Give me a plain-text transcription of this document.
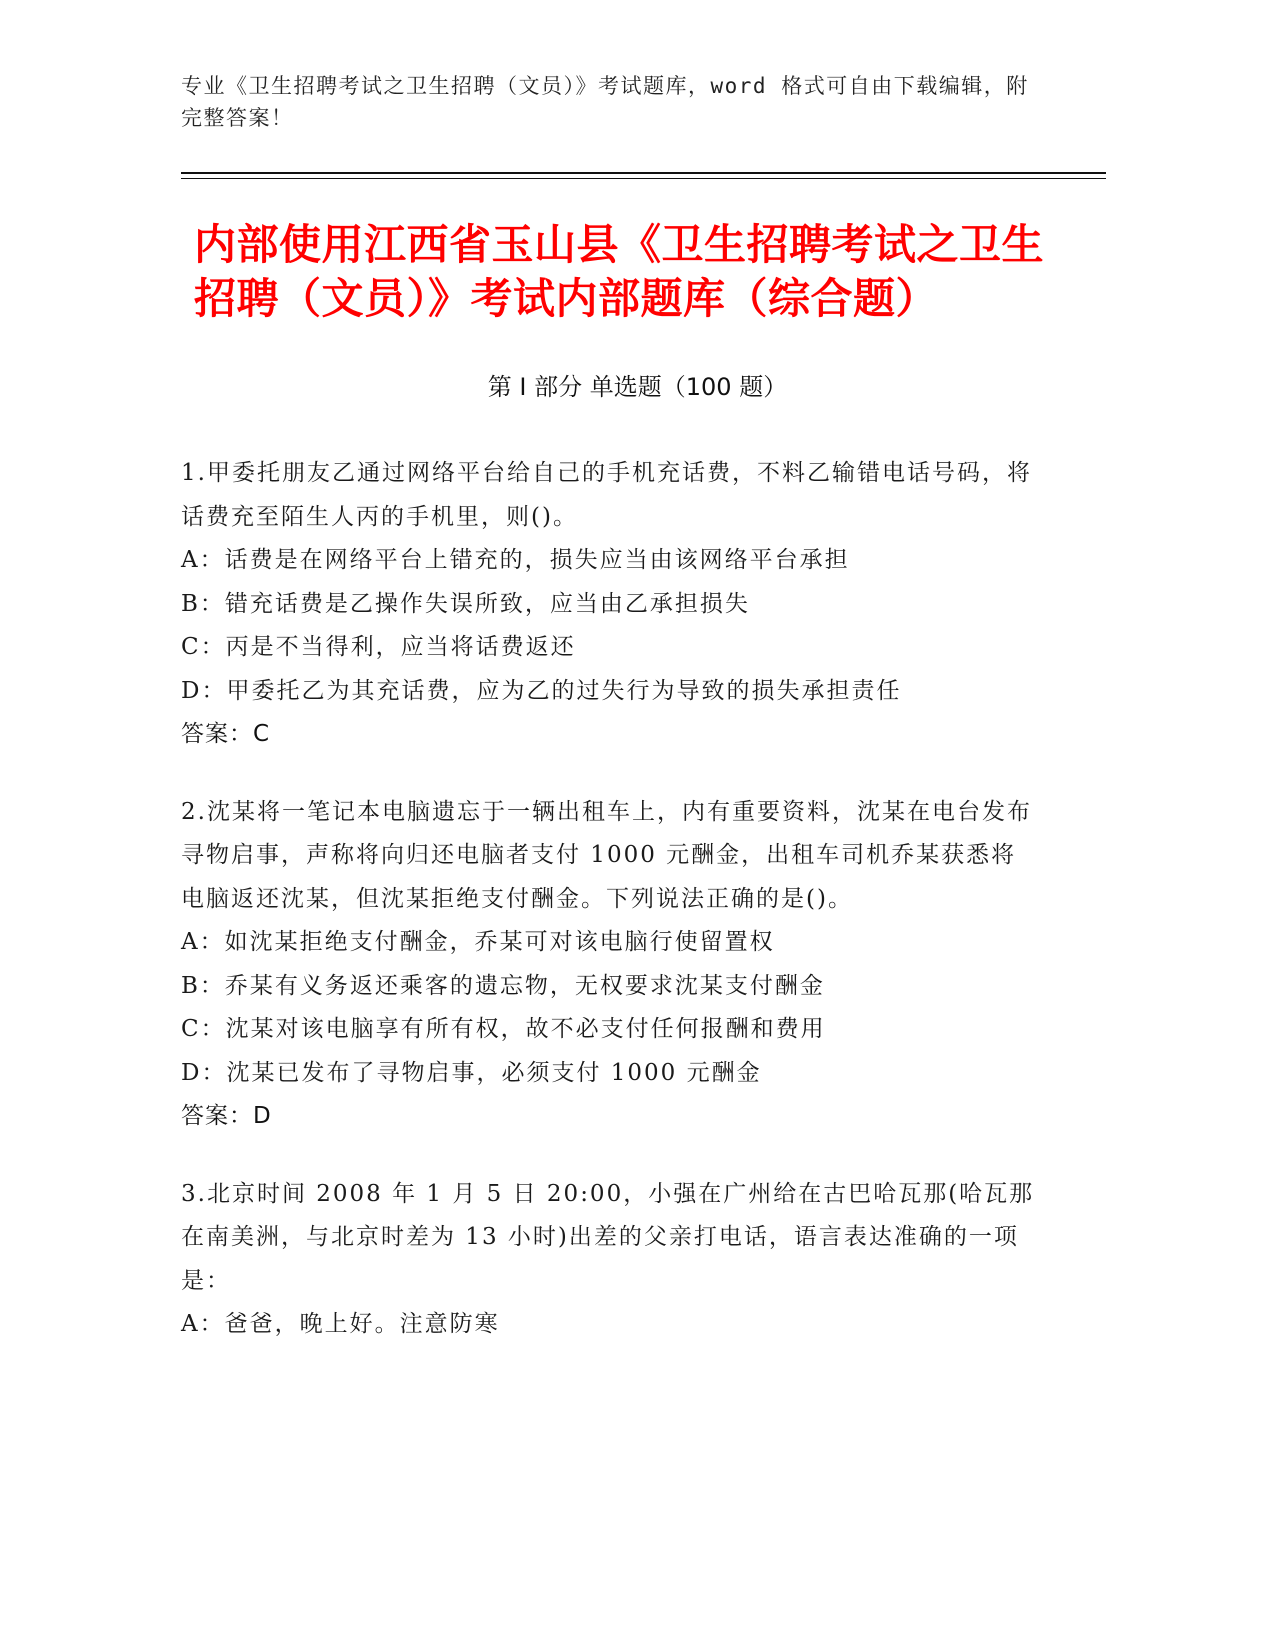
专业《卫生招聘考试之卫生招聘（文员）》考试题库，word 格式可自由下载编辑，附完整答案！
内部使用江西省玉山县《卫生招聘考试之卫生招聘（文员）》考试内部题库（综合题）
第 I 部分 单选题（100 题）
1.甲委托朋友乙通过网络平台给自己的手机充话费，不料乙输错电话号码，将话费充至陌生人丙的手机里，则()。
A：话费是在网络平台上错充的，损失应当由该网络平台承担
B：错充话费是乙操作失误所致，应当由乙承担损失
C：丙是不当得利，应当将话费返还
D：甲委托乙为其充话费，应为乙的过失行为导致的损失承担责任
答案：C
2.沈某将一笔记本电脑遗忘于一辆出租车上，内有重要资料，沈某在电台发布寻物启事，声称将向归还电脑者支付 1000 元酬金，出租车司机乔某获悉将电脑返还沈某，但沈某拒绝支付酬金。下列说法正确的是()。
A：如沈某拒绝支付酬金，乔某可对该电脑行使留置权
B：乔某有义务返还乘客的遗忘物，无权要求沈某支付酬金
C：沈某对该电脑享有所有权，故不必支付任何报酬和费用
D：沈某已发布了寻物启事，必须支付 1000 元酬金
答案：D
3.北京时间 2008 年 1 月 5 日 20:00，小强在广州给在古巴哈瓦那(哈瓦那在南美洲，与北京时差为 13 小时)出差的父亲打电话，语言表达准确的一项是：
A：爸爸，晚上好。注意防寒
